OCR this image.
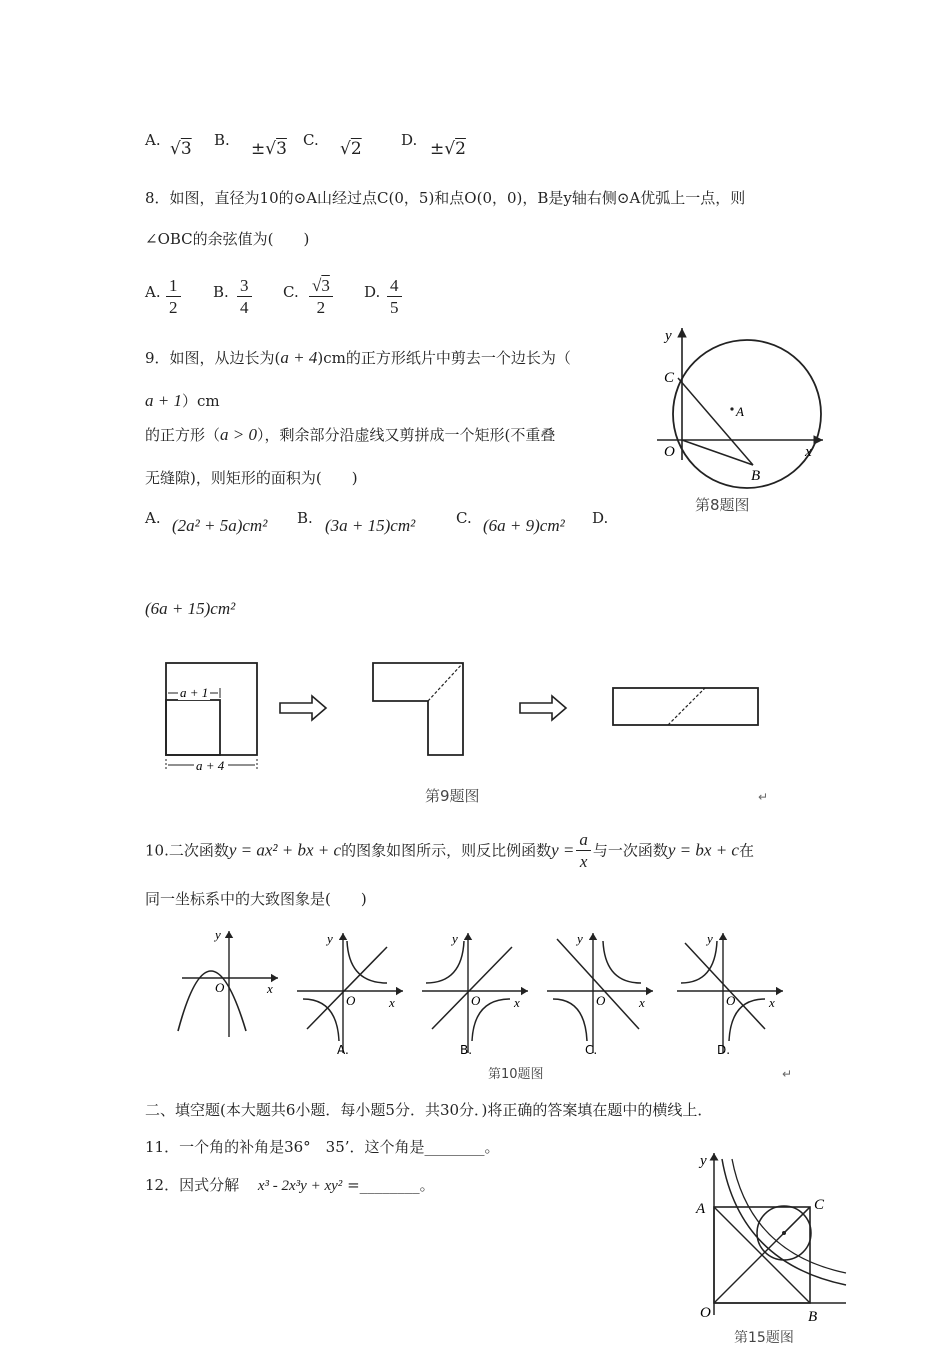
A. √3 B. ±√3 C. √2	D. ±√2
8．如图，直径为10的⊙A山经过点C(0，5)和点O(0，0)，B是y轴右侧⊙A优弧上一点，则
∠OBC的余弦值为(　　)
A. $\frac{1}{2} B$. $\frac{3}{4} C$. $\frac{√3}{2} D$. $\frac{4}{5}$
y
x
C
A
O
B
第8题图
9．如图，从边长为(a + 4)cm的正方形纸片中剪去一个边长为（
a + 1）cm
的正方形（a > 0），剩余部分沿虚线又剪拼成一个矩形(不重叠
无缝隙)，则矩形的面积为(　　)
A. (2a² + 5a)cm² B. (3a + 15)cm²	C. (6a + 9)cm² D.
(6a + 15)cm²
a + 1
a + 4
第9题图	↵
10.二次函数y = ax² + bx + c的图象如图所示，则反比例函数$y = \frac{a}{x}$ 与一次函数y = bx + c在
同一坐标系中的大致图象是(　　)
y
x
O
y
x
O
A.
y
x
O
B.
y
x
O
C.
y
x
O
D.
第10题图	↵
二、填空题(本大题共6小题．每小题5分．共30分．)将正确的答案填在题中的横线上．
11．一个角的补角是36°　35’．这个角是________。
12．因式分解 x³ - 2x³y + xy² =________。
y
A	C
O	B
第15题图
